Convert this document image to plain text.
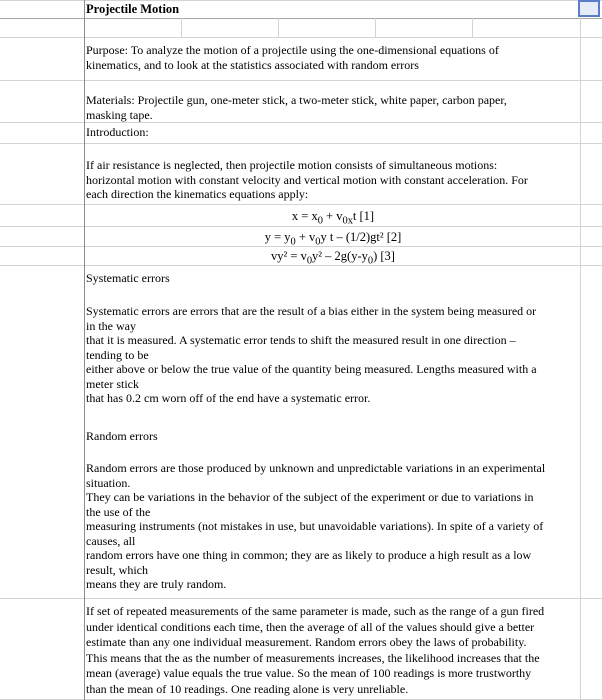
Projectile Motion

Purpose: To analyze the motion of a projectile using the one-dimensional equations of

kinematics, and to look at the statistics associated with random errors

Materials: Projectile gun, one-meter stick, a two-meter stick, white paper, carbon paper,

masking tape.

Introduction:

If air resistance is neglected, then projectile motion consists of simultaneous motions:

horizontal motion with constant velocity and vertical motion with constant acceleration. For

each direction the kinematics equations apply:

$x = x_0 + v_{0x}t$ [1]
$y = y_0 + v_0y$ t – (1/2)gt² [2]
$vy^2 = v_0y^2 - 2g(y-y_0)$ [3]
Systematic errors

Systematic errors are errors that are the result of a bias either in the system being measured or

in the way

that it is measured. A systematic error tends to shift the measured result in one direction –

tending to be

either above or below the true value of the quantity being measured. Lengths measured with a

meter stick

that has 0.2 cm worn off of the end have a systematic error.

Random errors

Random errors are those produced by unknown and unpredictable variations in an experimental

situation.

They can be variations in the behavior of the subject of the experiment or due to variations in

the use of the

measuring instruments (not mistakes in use, but unavoidable variations). In spite of a variety of

causes, all

random errors have one thing in common; they are as likely to produce a high result as a low

result, which

means they are truly random.

If set of repeated measurements of the same parameter is made, such as the range of a gun fired

under identical conditions each time, then the average of all of the values should give a better

estimate than any one individual measurement. Random errors obey the laws of probability.

This means that the as the number of measurements increases, the likelihood increases that the

mean (average) value equals the true value. So the mean of 100 readings is more trustworthy

than the mean of 10 readings. One reading alone is very unreliable.
